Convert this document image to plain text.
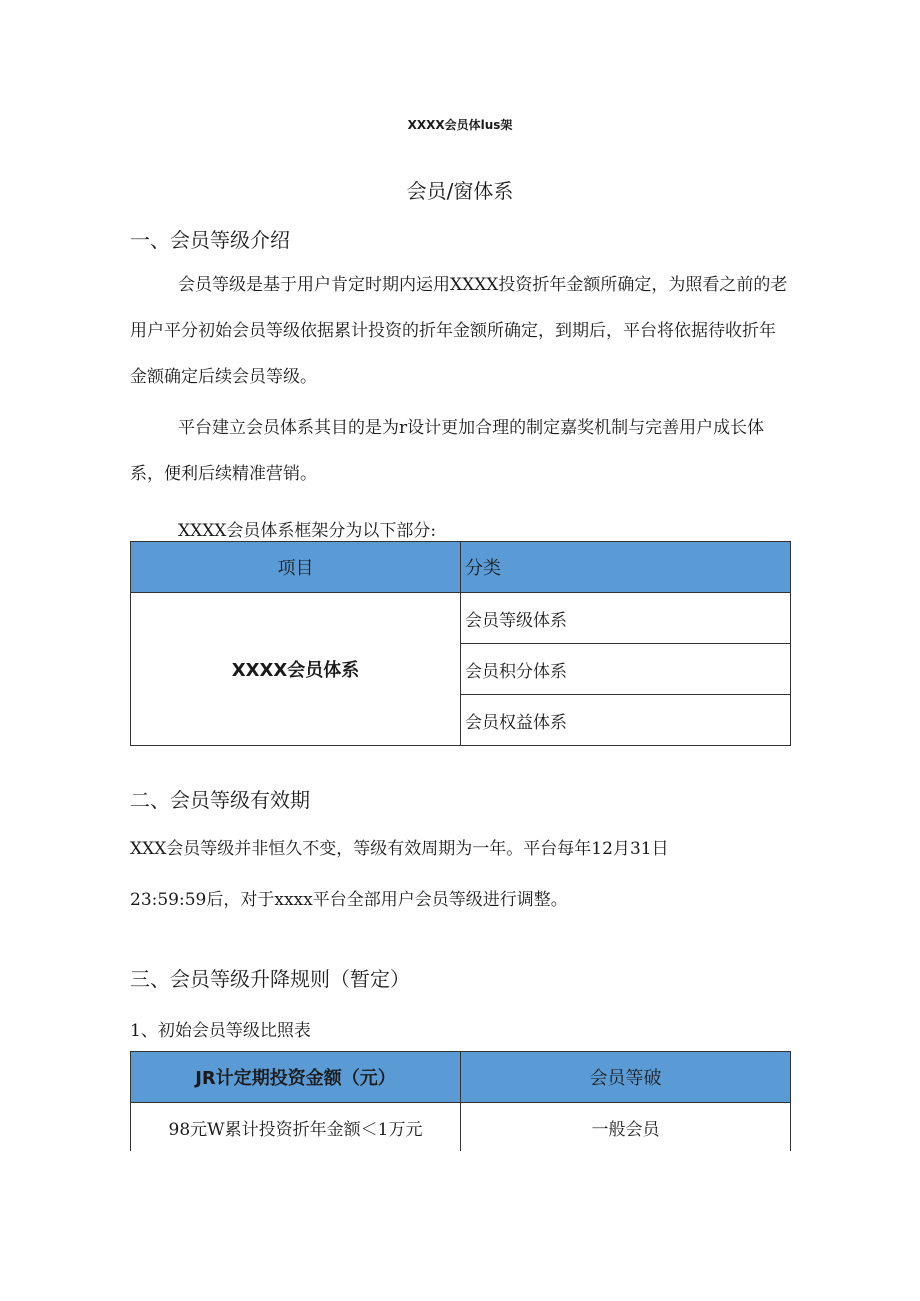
XXXX会员体lus架
会员/窗体系
一、会员等级介绍
会员等级是基于用户肯定时期内运用XXXX投资折年金额所确定，为照看之前的老用户平分初始会员等级依据累计投资的折年金额所确定，到期后，平台将依据待收折年金额确定后续会员等级。
平台建立会员体系其目的是为r设计更加合理的制定嘉奖机制与完善用户成长体系，便利后续精准营销。
XXXX会员体系框架分为以下部分:
项目	分类
XXXX会员体系	会员等级体系
	会员积分体系
	会员权益体系
二、会员等级有效期
XXX会员等级并非恒久不变，等级有效周期为一年。平台每年12月31日
23:59:59后，对于xxxx平台全部用户会员等级进行调整。
三、会员等级升降规则（暂定）
1、初始会员等级比照表
JR计定期投资金额（元）	会员等破
98元W累计投资折年金额＜1万元	一般会员
